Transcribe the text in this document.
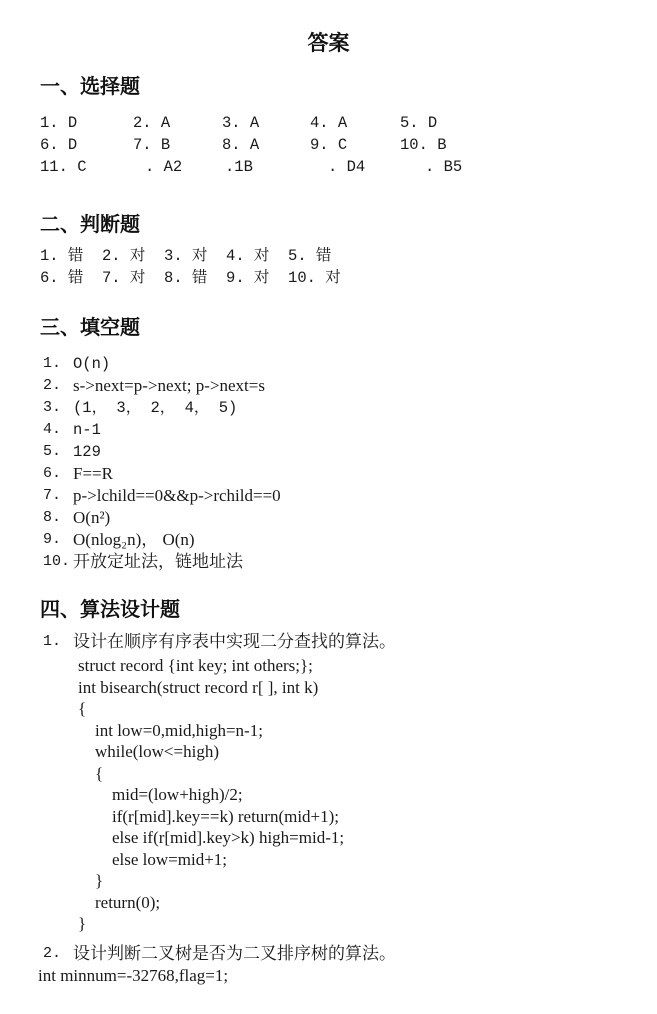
答案
一、选择题
1. D	2. A	3. A	4. A	5. D
6. D	7. B	8. A	9. C	10. B
11. C	. A2	.1B	. D4	. B5
二、判断题
1. 错  2. 对  3. 对  4. 对  5. 错
6. 错  7. 对  8. 错  9. 对  10. 对
三、填空题
1. O(n)
2. s->next=p->next; p->next=s
3. (1， 3， 2， 4， 5)
4. n-1
5. 129
6. F==R
7. p->lchild==0&&p->rchild==0
8. O(n²)
9. O(nlog₂n)， O(n)
10. 开放定址法，链地址法
四、算法设计题
1. 设计在顺序有序表中实现二分查找的算法。
struct record {int key; int others;};
int bisearch(struct record r[ ], int k)
{
int low=0,mid,high=n-1;
while(low<=high)
{
mid=(low+high)/2;
if(r[mid].key==k) return(mid+1);
else if(r[mid].key>k) high=mid-1;
else low=mid+1;
}
return(0);
}
2. 设计判断二叉树是否为二叉排序树的算法。
int minnum=-32768,flag=1;
